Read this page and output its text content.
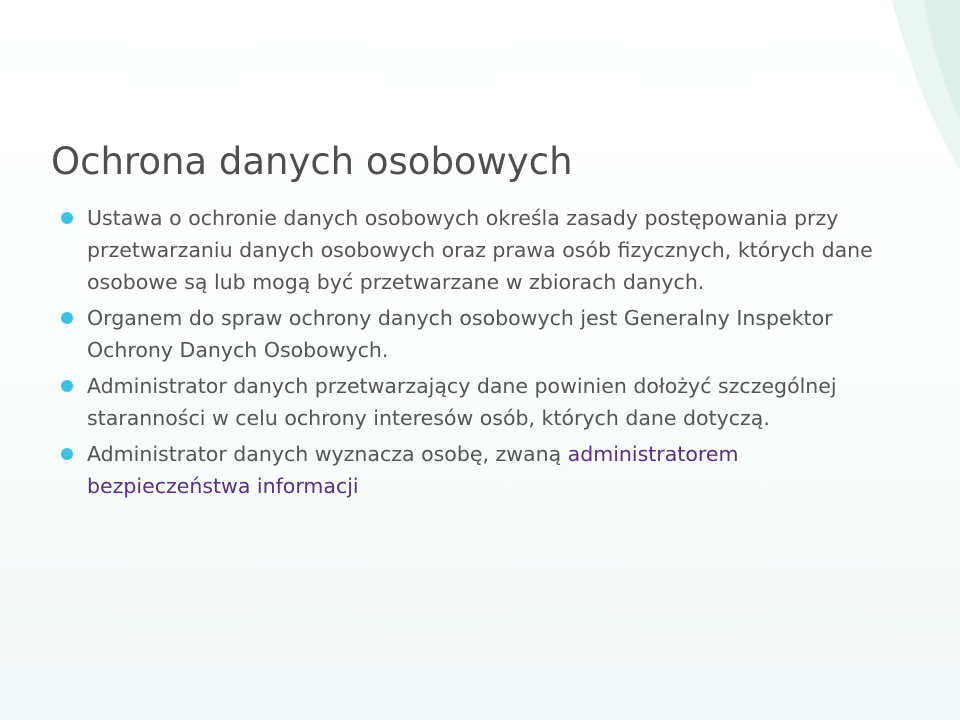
Ochrona danych osobowych
Ustawa o ochronie danych osobowych określa zasady postępowania przy przetwarzaniu danych osobowych oraz prawa osób fizycznych, których dane osobowe są lub mogą być przetwarzane w zbiorach danych.
Organem do spraw ochrony danych osobowych jest Generalny Inspektor Ochrony Danych Osobowych.
Administrator danych przetwarzający dane powinien dołożyć szczególnej staranności w celu ochrony interesów osób, których dane dotyczą.
Administrator danych wyznacza osobę, zwaną administratorem bezpieczeństwa informacji
